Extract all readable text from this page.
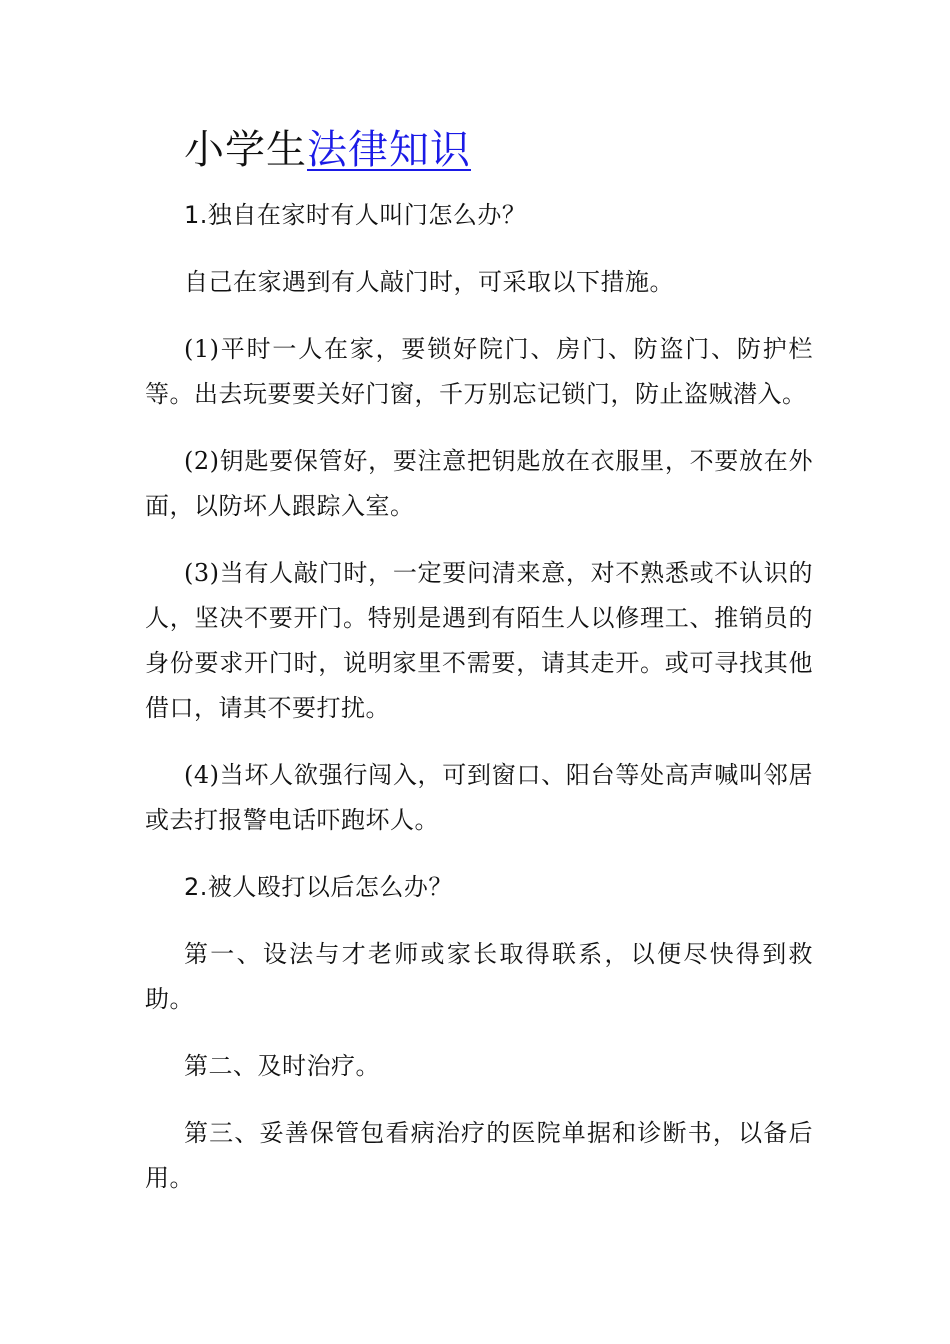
小学生法律知识

1.独自在家时有人叫门怎么办？

自己在家遇到有人敲门时，可采取以下措施。

(1)平时一人在家，要锁好院门、房门、防盗门、防护栏等。出去玩要要关好门窗，千万别忘记锁门，防止盗贼潜入。

(2)钥匙要保管好，要注意把钥匙放在衣服里，不要放在外面，以防坏人跟踪入室。

(3)当有人敲门时，一定要问清来意，对不熟悉或不认识的人，坚决不要开门。特别是遇到有陌生人以修理工、推销员的身份要求开门时，说明家里不需要，请其走开。或可寻找其他借口，请其不要打扰。

(4)当坏人欲强行闯入，可到窗口、阳台等处高声喊叫邻居或去打报警电话吓跑坏人。

2.被人殴打以后怎么办？

第一、设法与才老师或家长取得联系，以便尽快得到救助。

第二、及时治疗。

第三、妥善保管包看病治疗的医院单据和诊断书，以备后用。
